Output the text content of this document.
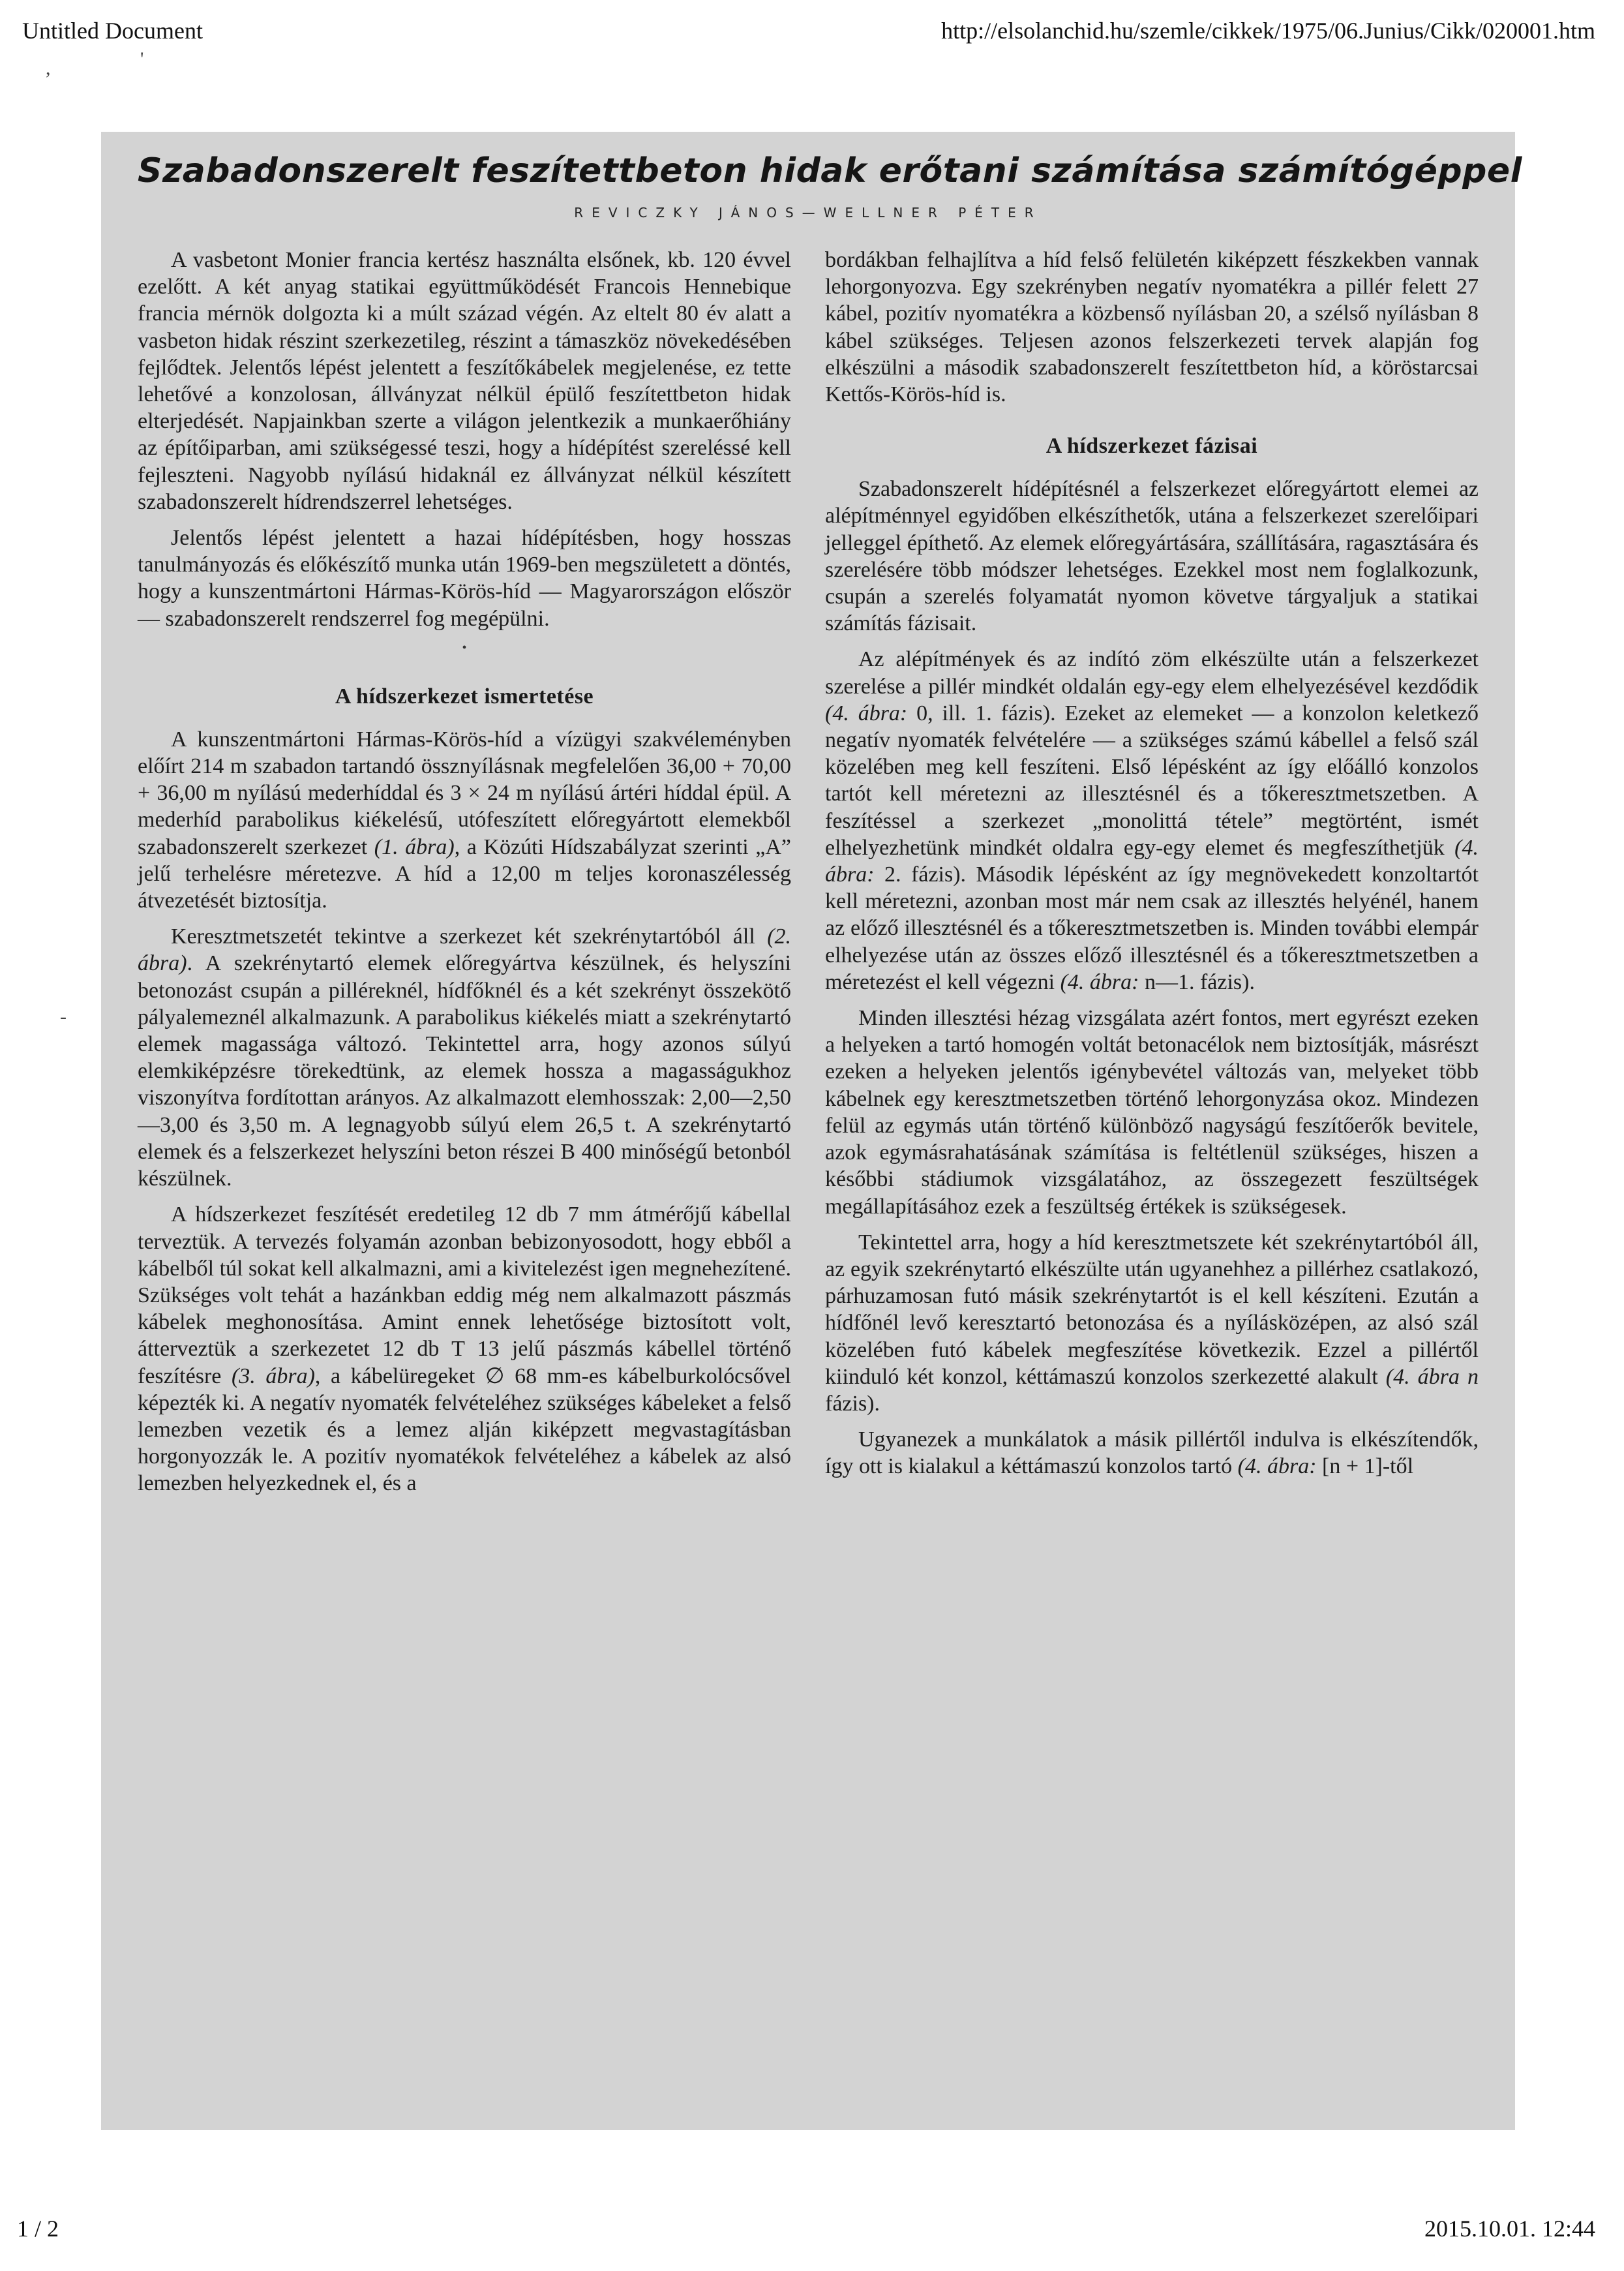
Untitled Document	http://elsolanchid.hu/szemle/cikkek/1975/06.Junius/Cikk/020001.htm
,	'
-
Szabadonszerelt feszítettbeton hidak erőtani számítása számítógéppel
REVICZKY JÁNOS—WELLNER PÉTER

A vasbetont Monier francia kertész használta elsőnek, kb. 120 évvel ezelőtt. A két anyag statikai együttműködését Francois Hennebique francia mérnök dolgozta ki a múlt század végén. Az eltelt 80 év alatt a vasbeton hidak részint szerkezetileg, részint a támaszköz növekedésében fejlődtek. Jelentős lépést jelentett a feszítőkábelek megjelenése, ez tette lehetővé a konzolosan, állványzat nélkül épülő feszítettbeton hidak elterjedését. Napjainkban szerte a világon jelentkezik a munkaerőhiány az építőiparban, ami szükségessé teszi, hogy a hídépítést szereléssé kell fejleszteni. Nagyobb nyílású hidaknál ez állványzat nélkül készített szabadonszerelt hídrendszerrel lehetséges.

Jelentős lépést jelentett a hazai hídépítésben, hogy hosszas tanulmányozás és előkészítő munka után 1969-ben megszületett a döntés, hogy a kunszentmártoni Hármas-Körös-híd — Magyarországon először — szabadonszerelt rendszerrel fog megépülni.

•
A hídszerkezet ismertetése

A kunszentmártoni Hármas-Körös-híd a vízügyi szakvéleményben előírt 214 m szabadon tartandó össznyílásnak megfelelően 36,00 + 70,00 + 36,00 m nyílású mederhíddal és 3 × 24 m nyílású ártéri híddal épül. A mederhíd parabolikus kiékelésű, utófeszített előregyártott elemekből szabadonszerelt szerkezet (1. ábra), a Közúti Hídszabályzat szerinti „A” jelű terhelésre méretezve. A híd a 12,00 m teljes koronaszélesség átvezetését biztosítja.

Keresztmetszetét tekintve a szerkezet két szekrénytartóból áll (2. ábra). A szekrénytartó elemek előregyártva készülnek, és helyszíni betonozást csupán a pilléreknél, hídfőknél és a két szekrényt összekötő pályalemeznél alkalmazunk. A parabolikus kiékelés miatt a szekrénytartó elemek magassága változó. Tekintettel arra, hogy azonos súlyú elemkiképzésre törekedtünk, az elemek hossza a magasságukhoz viszonyítva fordítottan arányos. Az alkalmazott elemhosszak: 2,00—2,50—3,00 és 3,50 m. A legnagyobb súlyú elem 26,5 t. A szekrénytartó elemek és a felszerkezet helyszíni beton részei B 400 minőségű betonból készülnek.

A hídszerkezet feszítését eredetileg 12 db 7 mm átmérőjű kábellal terveztük. A tervezés folyamán azonban bebizonyosodott, hogy ebből a kábelből túl sokat kell alkalmazni, ami a kivitelezést igen megnehezítené. Szükséges volt tehát a hazánkban eddig még nem alkalmazott pászmás kábelek meghonosítása. Amint ennek lehetősége biztosított volt, átterveztük a szerkezetet 12 db T 13 jelű pászmás kábellel történő feszítésre (3. ábra), a kábelüregeket ∅ 68 mm-es kábelburkolócsővel képezték ki. A negatív nyomaték felvételéhez szükséges kábeleket a felső lemezben vezetik és a lemez alján kiképzett megvastagításban horgonyozzák le. A pozitív nyomatékok felvételéhez a kábelek az alsó lemezben helyezkednek el, és a

bordákban felhajlítva a híd felső felületén kiképzett fészkekben vannak lehorgonyozva. Egy szekrényben negatív nyomatékra a pillér felett 27 kábel, pozitív nyomatékra a közbenső nyílásban 20, a szélső nyílásban 8 kábel szükséges. Teljesen azonos felszerkezeti tervek alapján fog elkészülni a második szabadonszerelt feszítettbeton híd, a köröstarcsai Kettős-Körös-híd is.

A hídszerkezet fázisai

Szabadonszerelt hídépítésnél a felszerkezet előregyártott elemei az alépítménnyel egyidőben elkészíthetők, utána a felszerkezet szerelőipari jelleggel építhető. Az elemek előregyártására, szállítására, ragasztására és szerelésére több módszer lehetséges. Ezekkel most nem foglalkozunk, csupán a szerelés folyamatát nyomon követve tárgyaljuk a statikai számítás fázisait.

Az alépítmények és az indító zöm elkészülte után a felszerkezet szerelése a pillér mindkét oldalán egy-egy elem elhelyezésével kezdődik (4. ábra: 0, ill. 1. fázis). Ezeket az elemeket — a konzolon keletkező negatív nyomaték felvételére — a szükséges számú kábellel a felső szál közelében meg kell feszíteni. Első lépésként az így előálló konzolos tartót kell méretezni az illesztésnél és a tőkeresztmetszetben. A feszítéssel a szerkezet „monolittá tétele” megtörtént, ismét elhelyezhetünk mindkét oldalra egy-egy elemet és megfeszíthetjük (4. ábra: 2. fázis). Második lépésként az így megnövekedett konzoltartót kell méretezni, azonban most már nem csak az illesztés helyénél, hanem az előző illesztésnél és a tőkeresztmetszetben is. Minden további elempár elhelyezése után az összes előző illesztésnél és a tőkeresztmetszetben a méretezést el kell végezni (4. ábra: n—1. fázis).

Minden illesztési hézag vizsgálata azért fontos, mert egyrészt ezeken a helyeken a tartó homogén voltát betonacélok nem biztosítják, másrészt ezeken a helyeken jelentős igénybevétel változás van, melyeket több kábelnek egy keresztmetszetben történő lehorgonyzása okoz. Mindezen felül az egymás után történő különböző nagyságú feszítőerők bevitele, azok egymásrahatásának számítása is feltétlenül szükséges, hiszen a későbbi stádiumok vizsgálatához, az összegezett feszültségek megállapításához ezek a feszültség értékek is szükségesek.

Tekintettel arra, hogy a híd keresztmetszete két szekrénytartóból áll, az egyik szekrénytartó elkészülte után ugyanehhez a pillérhez csatlakozó, párhuzamosan futó másik szekrénytartót is el kell készíteni. Ezután a hídfőnél levő keresztartó betonozása és a nyílásközépen, az alsó szál közelében futó kábelek megfeszítése következik. Ezzel a pillértől kiinduló két konzol, kéttámaszú konzolos szerkezetté alakult (4. ábra n fázis).

Ugyanezek a munkálatok a másik pillértől indulva is elkészítendők, így ott is kialakul a kéttámaszú konzolos tartó (4. ábra: [n + 1]-től

1 / 2	2015.10.01. 12:44
